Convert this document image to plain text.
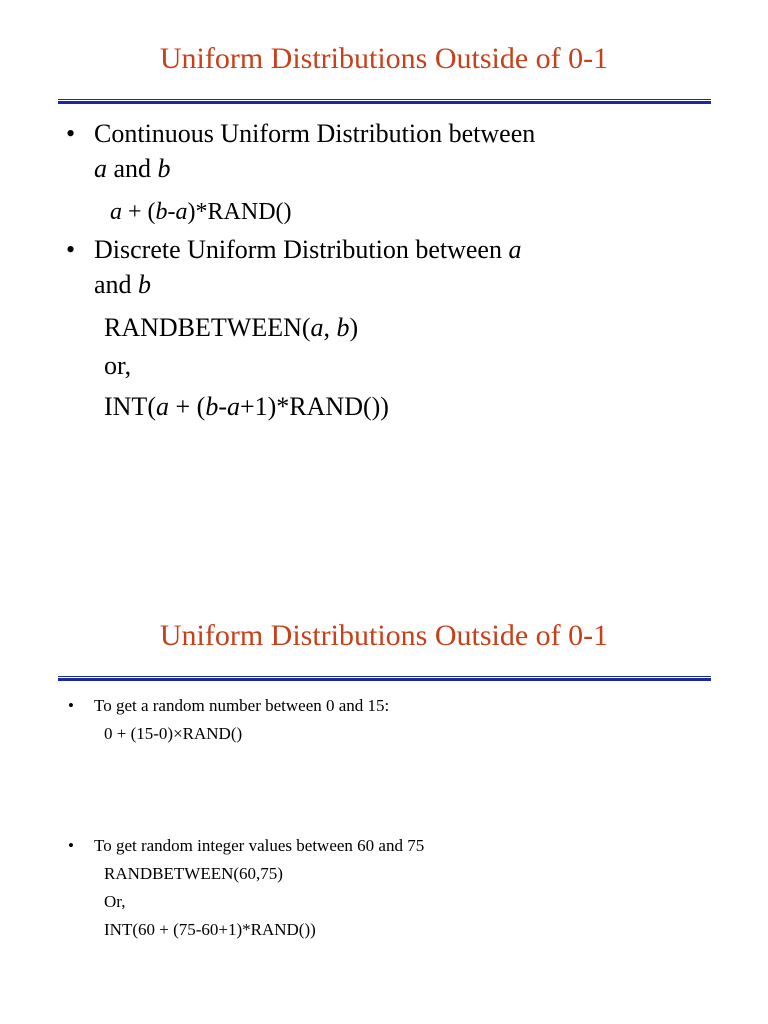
Uniform Distributions Outside of 0-1
• Continuous Uniform Distribution between
a and b
a + (b-a)*RAND()
• Discrete Uniform Distribution between a
and b
RANDBETWEEN(a, b)
or,
INT(a + (b-a+1)*RAND())
Uniform Distributions Outside of 0-1
• To get a random number between 0 and 15:
0 + (15-0)×RAND()
• To get random integer values between 60 and 75
RANDBETWEEN(60,75)
Or,
INT(60 + (75-60+1)*RAND())
